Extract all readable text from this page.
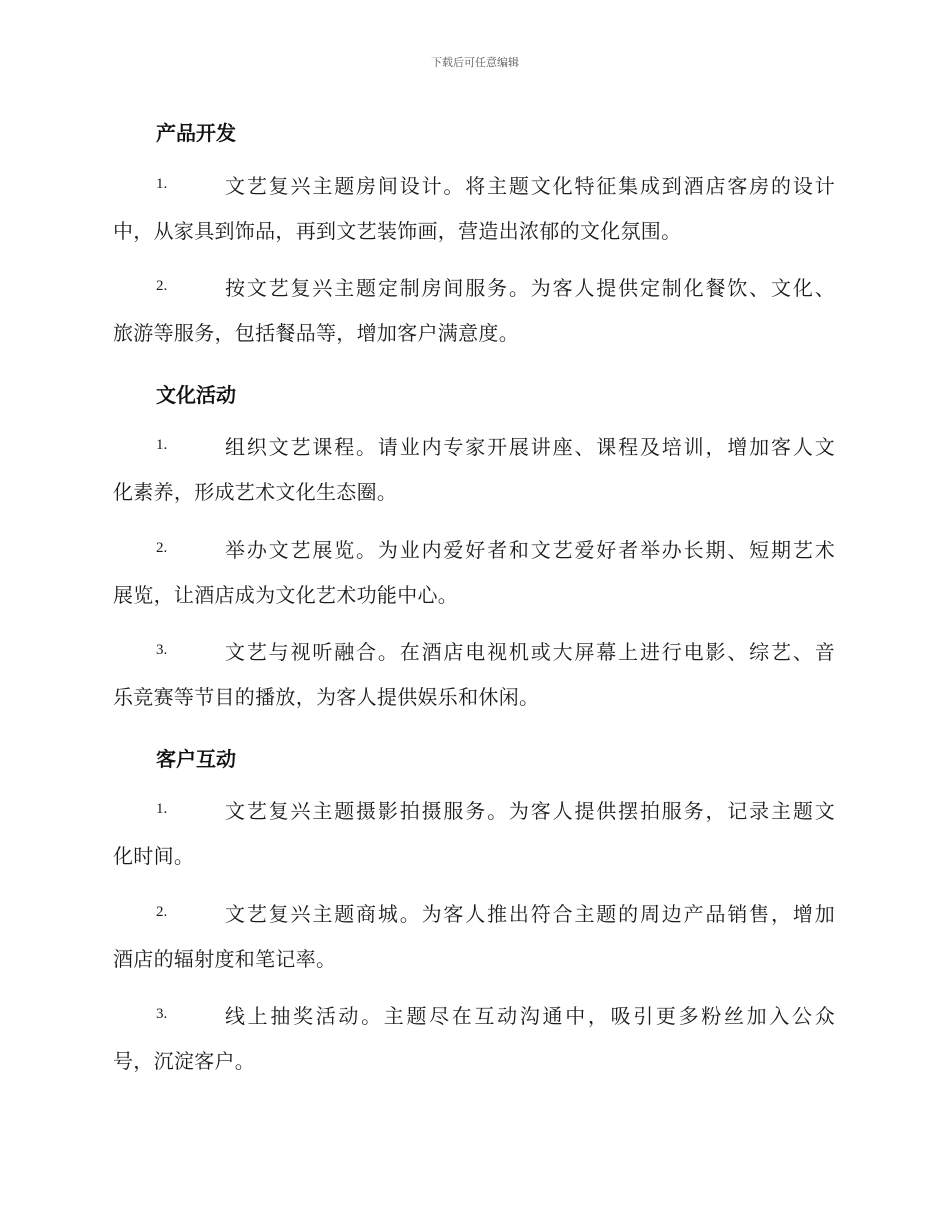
下载后可任意编辑
产品开发
1.	文艺复兴主题房间设计。将主题文化特征集成到酒店客房的设计

中，从家具到饰品，再到文艺装饰画，营造出浓郁的文化氛围。

2.	按文艺复兴主题定制房间服务。为客人提供定制化餐饮、文化、

旅游等服务，包括餐品等，增加客户满意度。

文化活动
1.	组织文艺课程。请业内专家开展讲座、课程及培训，增加客人文

化素养，形成艺术文化生态圈。

2.	举办文艺展览。为业内爱好者和文艺爱好者举办长期、短期艺术

展览，让酒店成为文化艺术功能中心。

3.	文艺与视听融合。在酒店电视机或大屏幕上进行电影、综艺、音

乐竞赛等节目的播放，为客人提供娱乐和休闲。

客户互动
1.	文艺复兴主题摄影拍摄服务。为客人提供摆拍服务，记录主题文

化时间。

2.	文艺复兴主题商城。为客人推出符合主题的周边产品销售，增加

酒店的辐射度和笔记率。

3.	线上抽奖活动。主题尽在互动沟通中，吸引更多粉丝加入公众

号，沉淀客户。
